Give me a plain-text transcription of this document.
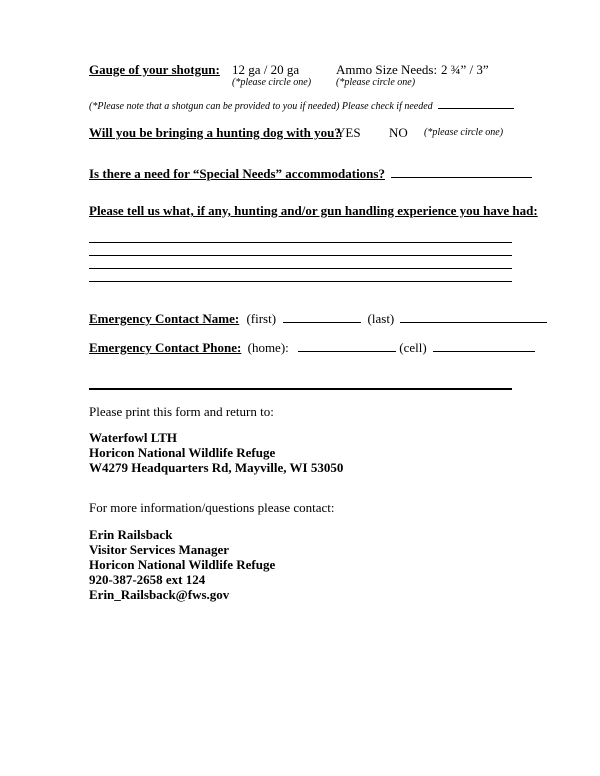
Gauge of your shotgun: 12 ga / 20 ga
(*please circle one)
Ammo Size Needs: 2 ¾” / 3”
(*please circle one)
(*Please note that a shotgun can be provided to you if needed) Please check if needed
Will you be bringing a hunting dog with you?
YES NO (*please circle one)
Is there a need for “Special Needs” accommodations?
Please tell us what, if any, hunting and/or gun handling experience you have had:
Emergency Contact Name: (first)	(last)
Emergency Contact Phone: (home):	(cell)
Please print this form and return to:
Waterfowl LTH
Horicon National Wildlife Refuge
W4279 Headquarters Rd, Mayville, WI 53050
For more information/questions please contact:
Erin Railsback
Visitor Services Manager
Horicon National Wildlife Refuge
920-387-2658 ext 124
Erin_Railsback@fws.gov
